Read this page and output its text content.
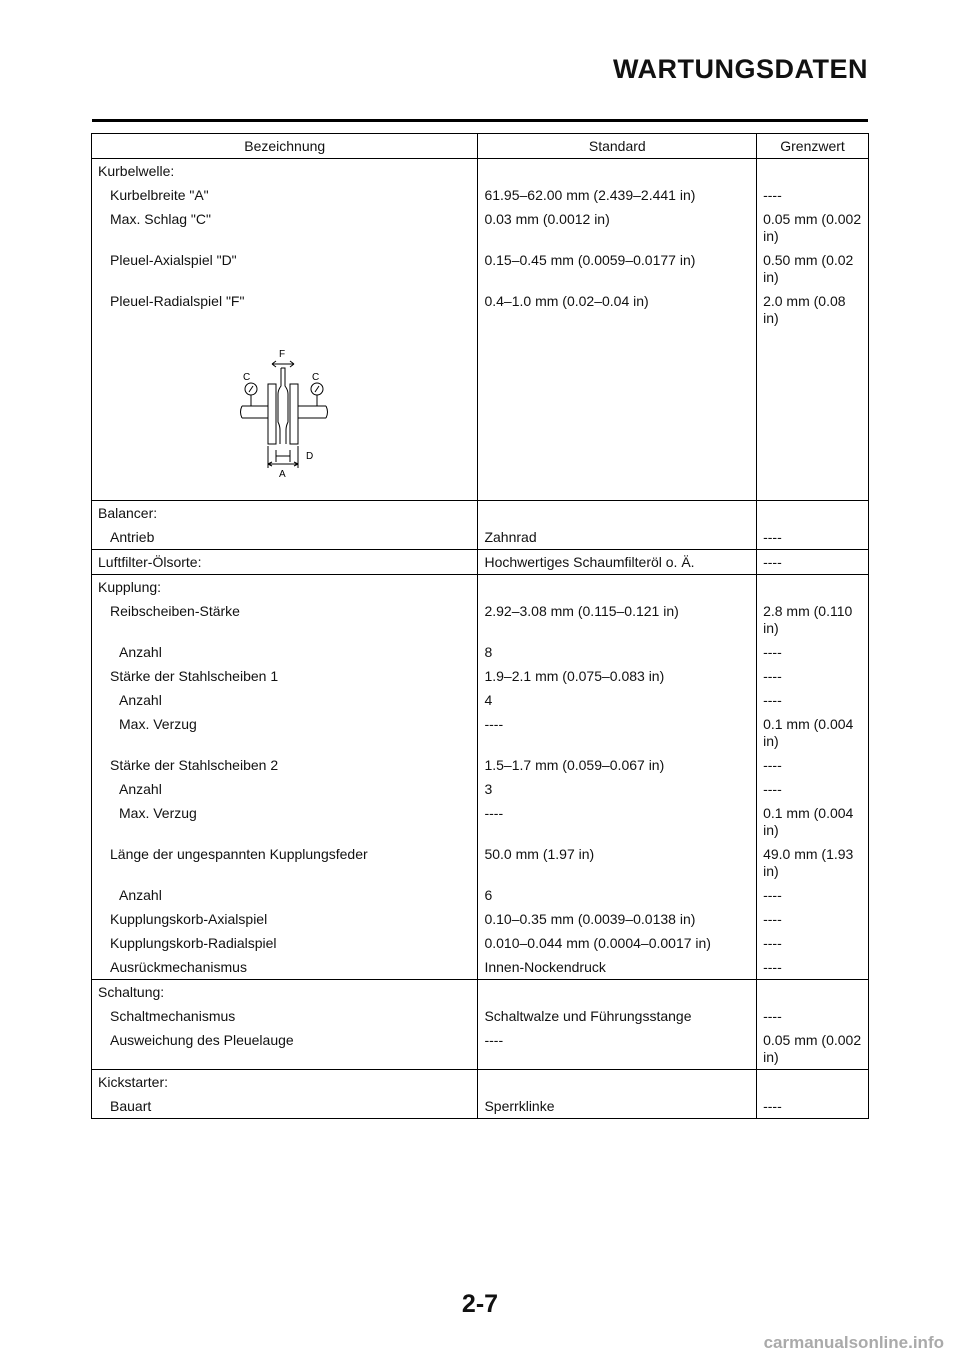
WARTUNGSDATEN
Bezeichnung	Standard	Grenzwert
Kurbelwelle:		
Kurbelbreite "A"	61.95–62.00 mm (2.439–2.441 in)	----
Max. Schlag "C"	0.03 mm (0.0012 in)	0.05 mm (0.002 in)
Pleuel-Axialspiel "D"	0.15–0.45 mm (0.0059–0.0177 in)	0.50 mm (0.02 in)
Pleuel-Radialspiel "F"	0.4–1.0 mm (0.02–0.04 in)	2.0 mm (0.08 in)

F
C C
D
A		

Balancer:		
Antrieb	Zahnrad	----
Luftfilter-Ölsorte:	Hochwertiges Schaumfilteröl o. Ä.	----
Kupplung:		
Reibscheiben-Stärke	2.92–3.08 mm (0.115–0.121 in)	2.8 mm (0.110 in)
Anzahl	8	----
Stärke der Stahlscheiben 1	1.9–2.1 mm (0.075–0.083 in)	----
Anzahl	4	----
Max. Verzug	----	0.1 mm (0.004 in)
Stärke der Stahlscheiben 2	1.5–1.7 mm (0.059–0.067 in)	----
Anzahl	3	----
Max. Verzug	----	0.1 mm (0.004 in)
Länge der ungespannten Kupplungsfeder	50.0 mm (1.97 in)	49.0 mm (1.93 in)
Anzahl	6	----
Kupplungskorb-Axialspiel	0.10–0.35 mm (0.0039–0.0138 in)	----
Kupplungskorb-Radialspiel	0.010–0.044 mm (0.0004–0.0017 in)	----
Ausrückmechanismus	Innen-Nockendruck	----
Schaltung:		
Schaltmechanismus	Schaltwalze und Führungsstange	----
Ausweichung des Pleuelauge	----	0.05 mm (0.002 in)
Kickstarter:		
Bauart	Sperrklinke	----
2-7
carmanualsonline.info
